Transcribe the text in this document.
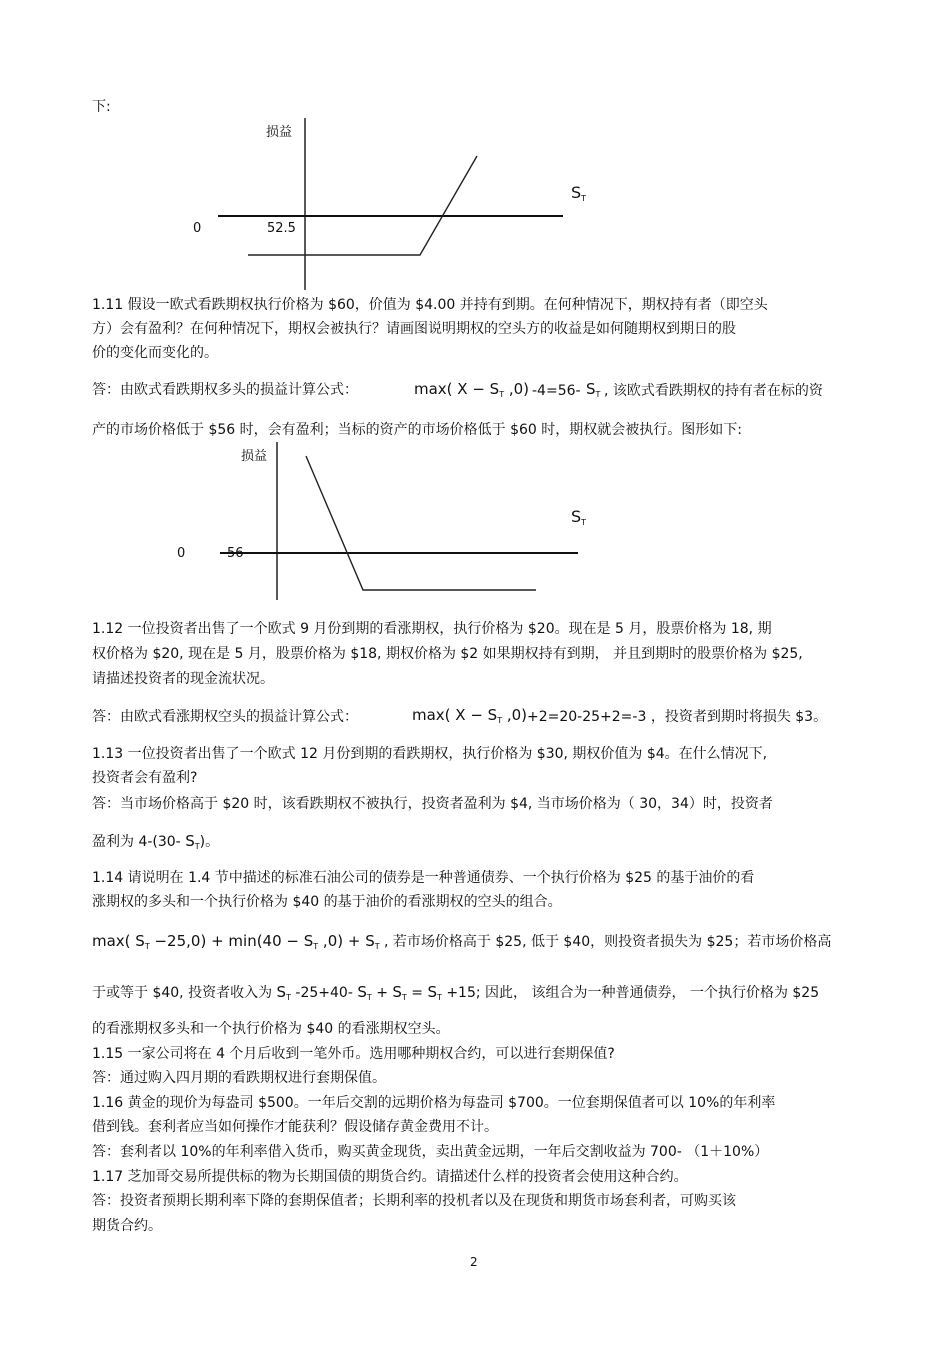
下:
损益
$S_T$
0	52.5
1.11 假设一欧式看跌期权执行价格为 $60，价值为 $4.00 并持有到期。在何种情况下，期权持有者（即空头
方）会有盈利？在何种情况下，期权会被执行？请画图说明期权的空头方的收益是如何随期权到期日的股
价的变化而变化的。
答：由欧式看跌期权多头的损益计算公式：	max( $X - S_T$ ,0) -4=56- $S_T$ , 该欧式看跌期权的持有者在标的资
产的市场价格低于 $56 时，会有盈利；当标的资产的市场价格低于 $60 时，期权就会被执行。图形如下:
损益
$S_T$
0	56
1.12 一位投资者出售了一个欧式 9 月份到期的看涨期权，执行价格为 $20。现在是 5 月，股票价格为 18, 期
权价格为 $20, 现在是 5 月，股票价格为 $18, 期权价格为 $2 如果期权持有到期， 并且到期时的股票价格为 $25,
请描述投资者的现金流状况。
答：由欧式看涨期权空头的损益计算公式：	max( $X - S_T$ ,0) +2=20-25+2=-3 ，投资者到期时将损失 $3。
1.13 一位投资者出售了一个欧式 12 月份到期的看跌期权，执行价格为 $30, 期权价值为 $4。在什么情况下,
投资者会有盈利?
答：当市场价格高于 $20 时，该看跌期权不被执行，投资者盈利为 $4, 当市场价格为（ 30，34）时，投资者
盈利为 4-(30- $S_T$)。
1.14 请说明在 1.4 节中描述的标准石油公司的债券是一种普通债券、一个执行价格为 $25 的基于油价的看
涨期权的多头和一个执行价格为 $40 的基于油价的看涨期权的空头的组合。
max( $S_T -25,0) + \min(40 - S_T$ $,0) + S_T$ , 若市场价格高于 $25, 低于 $40，则投资者损失为 $25；若市场价格高
于或等于 $40, 投资者收入为 $S_T$ -25+40- $S_T + S_T = S_T +15$; 因此， 该组合为一种普通债券， 一个执行价格为 $25
的看涨期权多头和一个执行价格为 $40 的看涨期权空头。
1.15 一家公司将在 4 个月后收到一笔外币。选用哪种期权合约，可以进行套期保值?
答：通过购入四月期的看跌期权进行套期保值。
1.16 黄金的现价为每盎司 $500。一年后交割的远期价格为每盎司 $700。一位套期保值者可以 10%的年利率
借到钱。套利者应当如何操作才能获利？假设储存黄金费用不计。
答：套利者以 10%的年利率借入货币，购买黄金现货，卖出黄金远期，一年后交割收益为 700- （1＋10%）
1.17 芝加哥交易所提供标的物为长期国债的期货合约。请描述什么样的投资者会使用这种合约。
答：投资者预期长期利率下降的套期保值者；长期利率的投机者以及在现货和期货市场套利者，可购买该
期货合约。
2
